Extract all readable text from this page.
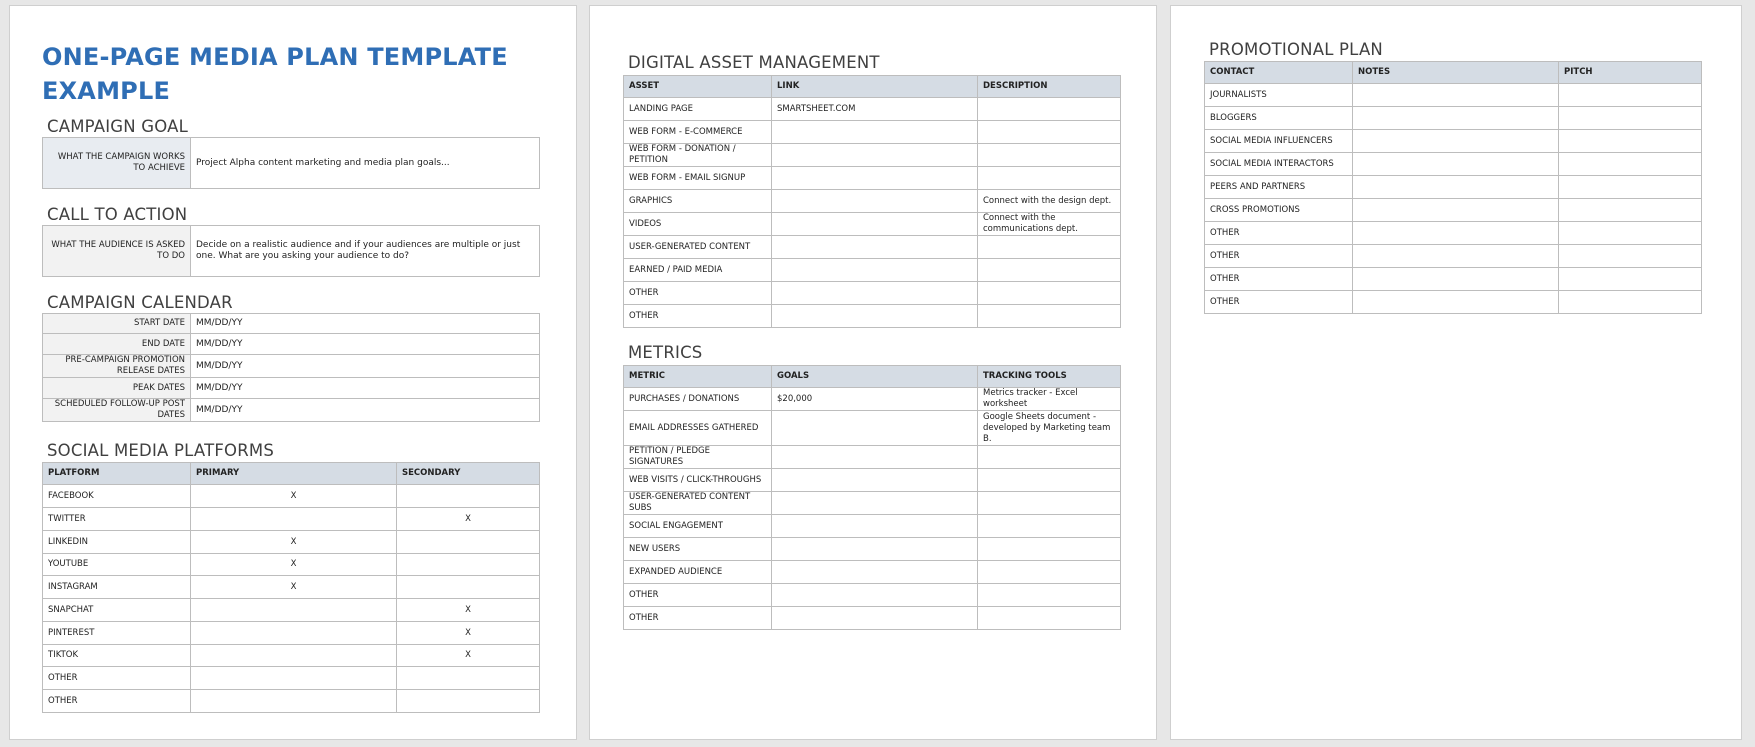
ONE-PAGE MEDIA PLAN TEMPLATE EXAMPLE
CAMPAIGN GOAL
WHAT THE CAMPAIGN WORKS TO ACHIEVE	Project Alpha content marketing and media plan goals...
CALL TO ACTION
WHAT THE AUDIENCE IS ASKED TO DO	Decide on a realistic audience and if your audiences are multiple or just one. What are you asking your audience to do?
CAMPAIGN CALENDAR
START DATE	MM/DD/YY
END DATE	MM/DD/YY
PRE-CAMPAIGN PROMOTION RELEASE DATES	MM/DD/YY
PEAK DATES	MM/DD/YY
SCHEDULED FOLLOW-UP POST DATES	MM/DD/YY
SOCIAL MEDIA PLATFORMS
PLATFORM	PRIMARY	SECONDARY
FACEBOOK	X	
TWITTER		X
LINKEDIN	X	
YOUTUBE	X	
INSTAGRAM	X	
SNAPCHAT		X
PINTEREST		X
TIKTOK		X
OTHER		
OTHER		
DIGITAL ASSET MANAGEMENT
ASSET	LINK	DESCRIPTION
LANDING PAGE	SMARTSHEET.COM	
WEB FORM - E-COMMERCE		
WEB FORM - DONATION / PETITION		
WEB FORM - EMAIL SIGNUP		
GRAPHICS		Connect with the design dept.
VIDEOS		Connect with the communications dept.
USER-GENERATED CONTENT		
EARNED / PAID MEDIA		
OTHER		
OTHER		
METRICS
METRIC	GOALS	TRACKING TOOLS
PURCHASES / DONATIONS	$20,000	Metrics tracker - Excel worksheet
EMAIL ADDRESSES GATHERED		Google Sheets document - developed by Marketing team B.
PETITION / PLEDGE SIGNATURES		
WEB VISITS / CLICK-THROUGHS		
USER-GENERATED CONTENT SUBS		
SOCIAL ENGAGEMENT		
NEW USERS		
EXPANDED AUDIENCE		
OTHER		
OTHER		
PROMOTIONAL PLAN
CONTACT	NOTES	PITCH
JOURNALISTS		
BLOGGERS		
SOCIAL MEDIA INFLUENCERS		
SOCIAL MEDIA INTERACTORS		
PEERS AND PARTNERS		
CROSS PROMOTIONS		
OTHER		
OTHER		
OTHER		
OTHER		
